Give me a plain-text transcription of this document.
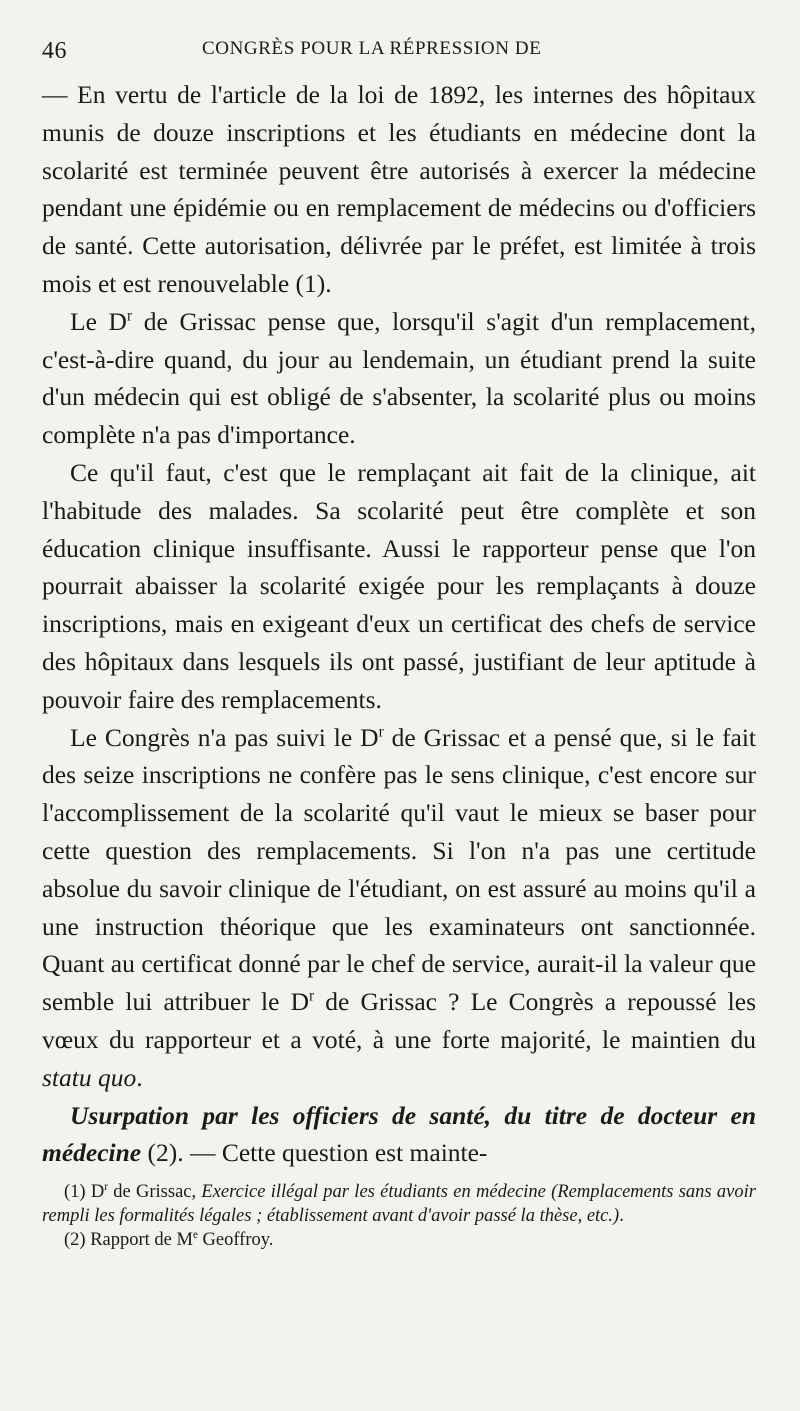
46	CONGRÈS POUR LA RÉPRESSION DE

— En vertu de l'article de la loi de 1892, les internes des hôpitaux munis de douze inscriptions et les étudiants en médecine dont la scolarité est terminée peuvent être autorisés à exercer la médecine pendant une épidémie ou en remplacement de médecins ou d'officiers de santé. Cette autorisation, délivrée par le préfet, est limitée à trois mois et est renouvelable (1).

Le $D^r$ de Grissac pense que, lorsqu'il s'agit d'un remplacement, c'est-à-dire quand, du jour au lendemain, un étudiant prend la suite d'un médecin qui est obligé de s'absenter, la scolarité plus ou moins complète n'a pas d'importance.

Ce qu'il faut, c'est que le remplaçant ait fait de la clinique, ait l'habitude des malades. Sa scolarité peut être complète et son éducation clinique insuffisante. Aussi le rapporteur pense que l'on pourrait abaisser la scolarité exigée pour les remplaçants à douze inscriptions, mais en exigeant d'eux un certificat des chefs de service des hôpitaux dans lesquels ils ont passé, justifiant de leur aptitude à pouvoir faire des remplacements.

Le Congrès n'a pas suivi le $D^r$ de Grissac et a pensé que, si le fait des seize inscriptions ne confère pas le sens clinique, c'est encore sur l'accomplissement de la scolarité qu'il vaut le mieux se baser pour cette question des remplacements. Si l'on n'a pas une certitude absolue du savoir clinique de l'étudiant, on est assuré au moins qu'il a une instruction théorique que les examinateurs ont sanctionnée. Quant au certificat donné par le chef de service, aurait-il la valeur que semble lui attribuer le $D^r$ de Grissac ? Le Congrès a repoussé les vœux du rapporteur et a voté, à une forte majorité, le maintien du statu quo.

Usurpation par les officiers de santé, du titre de docteur en médecine (2). — Cette question est mainte-

(1) $D^r$ de Grissac, Exercice illégal par les étudiants en médecine (Remplacements sans avoir rempli les formalités légales ; établissement avant d'avoir passé la thèse, etc.).

(2) Rapport de Me Geoffroy.
